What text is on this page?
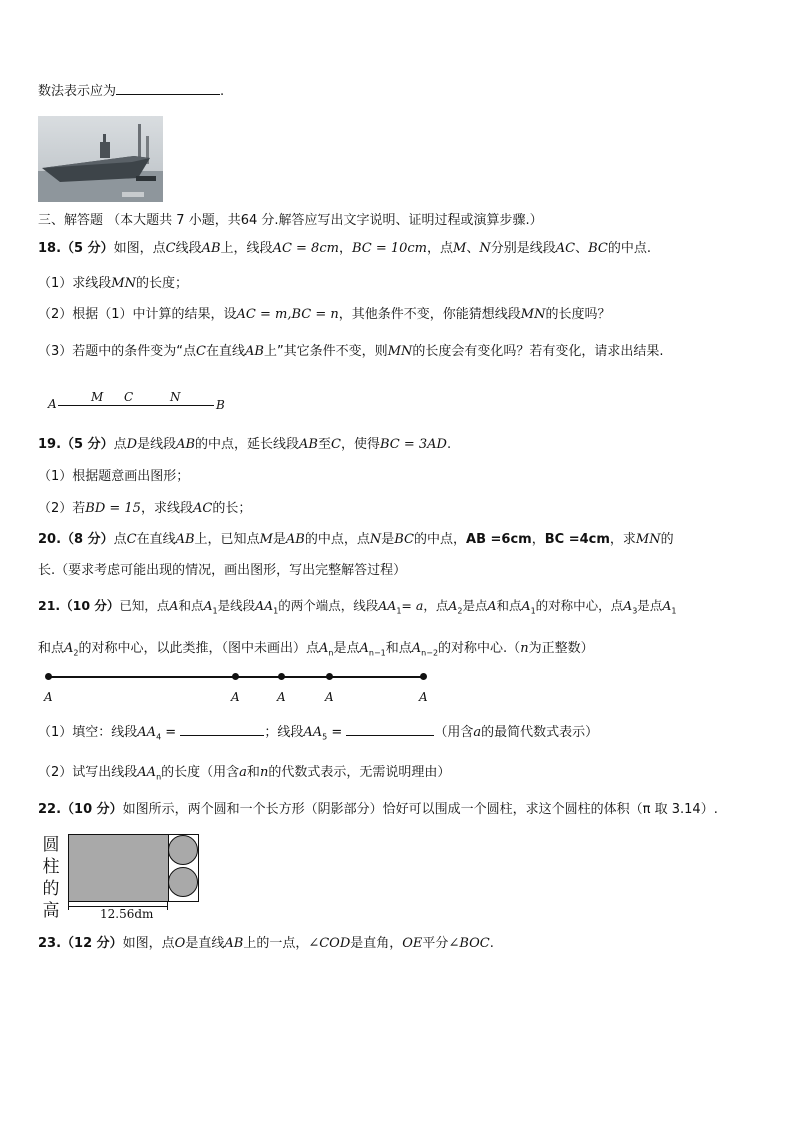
数法表示应为	.
三、解答题 （本大题共 7 小题，共64 分.解答应写出文字说明、证明过程或演算步骤.）
18.（5 分）如图，点C线段AB上，线段AC = 8cm，BC = 10cm，点M、N分别是线段AC、BC的中点.
（1）求线段MN的长度；
（2）根据（1）中计算的结果，设AC = m,BC = n，其他条件不变，你能猜想线段MN的长度吗？
（3）若题中的条件变为“点C在直线AB上”其它条件不变，则MN的长度会有变化吗？若有变化，请求出结果.
A	M C	N
B
19.（5 分）点D是线段AB的中点，延长线段AB至C，使得BC = 3AD.
（1）根据题意画出图形；
（2）若BD = 15，求线段AC的长；
20.（8 分）点C在直线AB上，已知点M是AB的中点，点N是BC的中点，AB =6cm，BC =4cm，求MN的
长.（要求考虑可能出现的情况，画出图形，写出完整解答过程）
21.（10 分）已知，点A和点$A_1$是线段$AA_1$的两个端点，线段$AA_1= a$，点$A_2$是点A和点$A_1$的对称中心，点$A_3$是点$A_1$
和点$A_2$的对称中心，以此类推，（图中未画出）点$A_n$是点$A_{n-1}$和点$A_{n-2}$的对称中心.（n为正整数）
A	A	A	A	A
（1）填空：线段$AA_4$ =	；线段$AA_5$ =	（用含a的最简代数式表示）
（2）试写出线段$AA_n$的长度（用含a和n的代数式表示，无需说明理由）
22.（10 分）如图所示，两个圆和一个长方形（阴影部分）恰好可以围成一个圆柱，求这个圆柱的体积（π 取 3.14）.
圆
柱
的
高	12.56dm
23.（12 分）如图，点O是直线AB上的一点，∠COD是直角，OE平分∠BOC.
